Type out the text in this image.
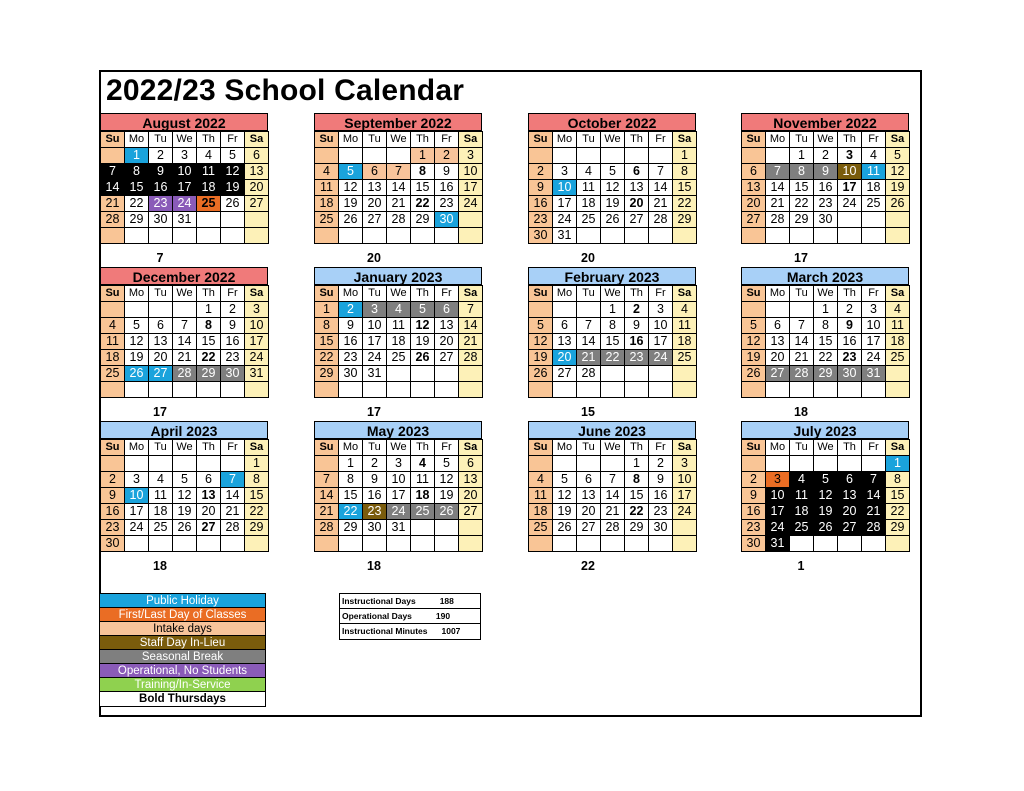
2022/23 School Calendar
August 2022
Su	Mo	Tu	We	Th	Fr	Sa
	1	2	3	4	5	6
7	8	9	10	11	12	13
14	15	16	17	18	19	20
21	22	23	24	25	26	27
28	29	30	31			

7
September 2022
Su	Mo	Tu	We	Th	Fr	Sa
				1	2	3
4	5	6	7	8	9	10
11	12	13	14	15	16	17
18	19	20	21	22	23	24
25	26	27	28	29	30	

20
October 2022
Su	Mo	Tu	We	Th	Fr	Sa
						1
2	3	4	5	6	7	8
9	10	11	12	13	14	15
16	17	18	19	20	21	22
23	24	25	26	27	28	29
30	31					
20
November 2022
Su	Mo	Tu	We	Th	Fr	Sa
		1	2	3	4	5
6	7	8	9	10	11	12
13	14	15	16	17	18	19
20	21	22	23	24	25	26
27	28	29	30			

17
December 2022
Su	Mo	Tu	We	Th	Fr	Sa
				1	2	3
4	5	6	7	8	9	10
11	12	13	14	15	16	17
18	19	20	21	22	23	24
25	26	27	28	29	30	31

17
January 2023
Su	Mo	Tu	We	Th	Fr	Sa
1	2	3	4	5	6	7
8	9	10	11	12	13	14
15	16	17	18	19	20	21
22	23	24	25	26	27	28
29	30	31				

17
February 2023
Su	Mo	Tu	We	Th	Fr	Sa
			1	2	3	4
5	6	7	8	9	10	11
12	13	14	15	16	17	18
19	20	21	22	23	24	25
26	27	28				

15
March 2023
Su	Mo	Tu	We	Th	Fr	Sa
			1	2	3	4
5	6	7	8	9	10	11
12	13	14	15	16	17	18
19	20	21	22	23	24	25
26	27	28	29	30	31	

18
April 2023
Su	Mo	Tu	We	Th	Fr	Sa
						1
2	3	4	5	6	7	8
9	10	11	12	13	14	15
16	17	18	19	20	21	22
23	24	25	26	27	28	29
30						
18
May 2023
Su	Mo	Tu	We	Th	Fr	Sa
	1	2	3	4	5	6
7	8	9	10	11	12	13
14	15	16	17	18	19	20
21	22	23	24	25	26	27
28	29	30	31			

18
June 2023
Su	Mo	Tu	We	Th	Fr	Sa
				1	2	3
4	5	6	7	8	9	10
11	12	13	14	15	16	17
18	19	20	21	22	23	24
25	26	27	28	29	30	

22
July 2023
Su	Mo	Tu	We	Th	Fr	Sa
						1
2	3	4	5	6	7	8
9	10	11	12	13	14	15
16	17	18	19	20	21	22
23	24	25	26	27	28	29
30	31					
1
Public Holiday
First/Last Day of Classes
Intake days
Staff Day In-Lieu
Seasonal Break
Operational, No Students
Training/In-Service
Bold Thursdays
Instructional Days	188
Operational Days	190
Instructional Minutes 1007
